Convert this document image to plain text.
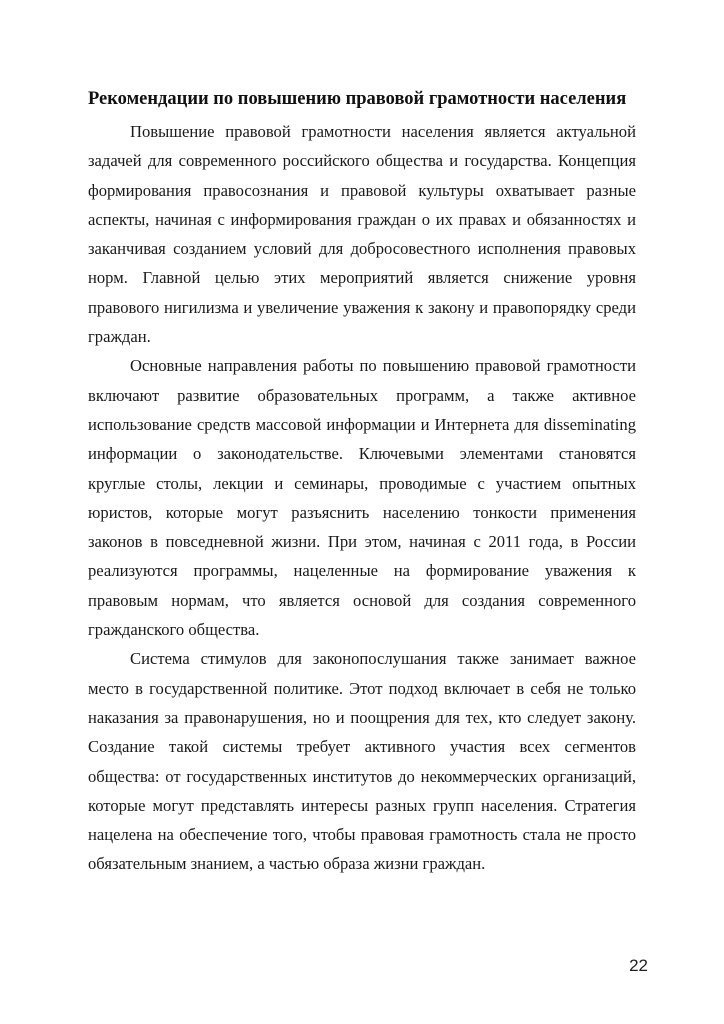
Рекомендации по повышению правовой грамотности населения

Повышение правовой грамотности населения является актуальной задачей для современного российского общества и государства. Концепция формирования правосознания и правовой культуры охватывает разные аспекты, начиная с информирования граждан о их правах и обязанностях и заканчивая созданием условий для добросовестного исполнения правовых норм. Главной целью этих мероприятий является снижение уровня правового нигилизма и увеличение уважения к закону и правопорядку среди граждан.

Основные направления работы по повышению правовой грамотности включают развитие образовательных программ, а также активное использование средств массовой информации и Интернета для disseminating информации о законодательстве. Ключевыми элементами становятся круглые столы, лекции и семинары, проводимые с участием опытных юристов, которые могут разъяснить населению тонкости применения законов в повседневной жизни. При этом, начиная с 2011 года, в России реализуются программы, нацеленные на формирование уважения к правовым нормам, что является основой для создания современного гражданского общества.

Система стимулов для законопослушания также занимает важное место в государственной политике. Этот подход включает в себя не только наказания за правонарушения, но и поощрения для тех, кто следует закону. Создание такой системы требует активного участия всех сегментов общества: от государственных институтов до некоммерческих организаций, которые могут представлять интересы разных групп населения. Стратегия нацелена на обеспечение того, чтобы правовая грамотность стала не просто обязательным знанием, а частью образа жизни граждан.

22
